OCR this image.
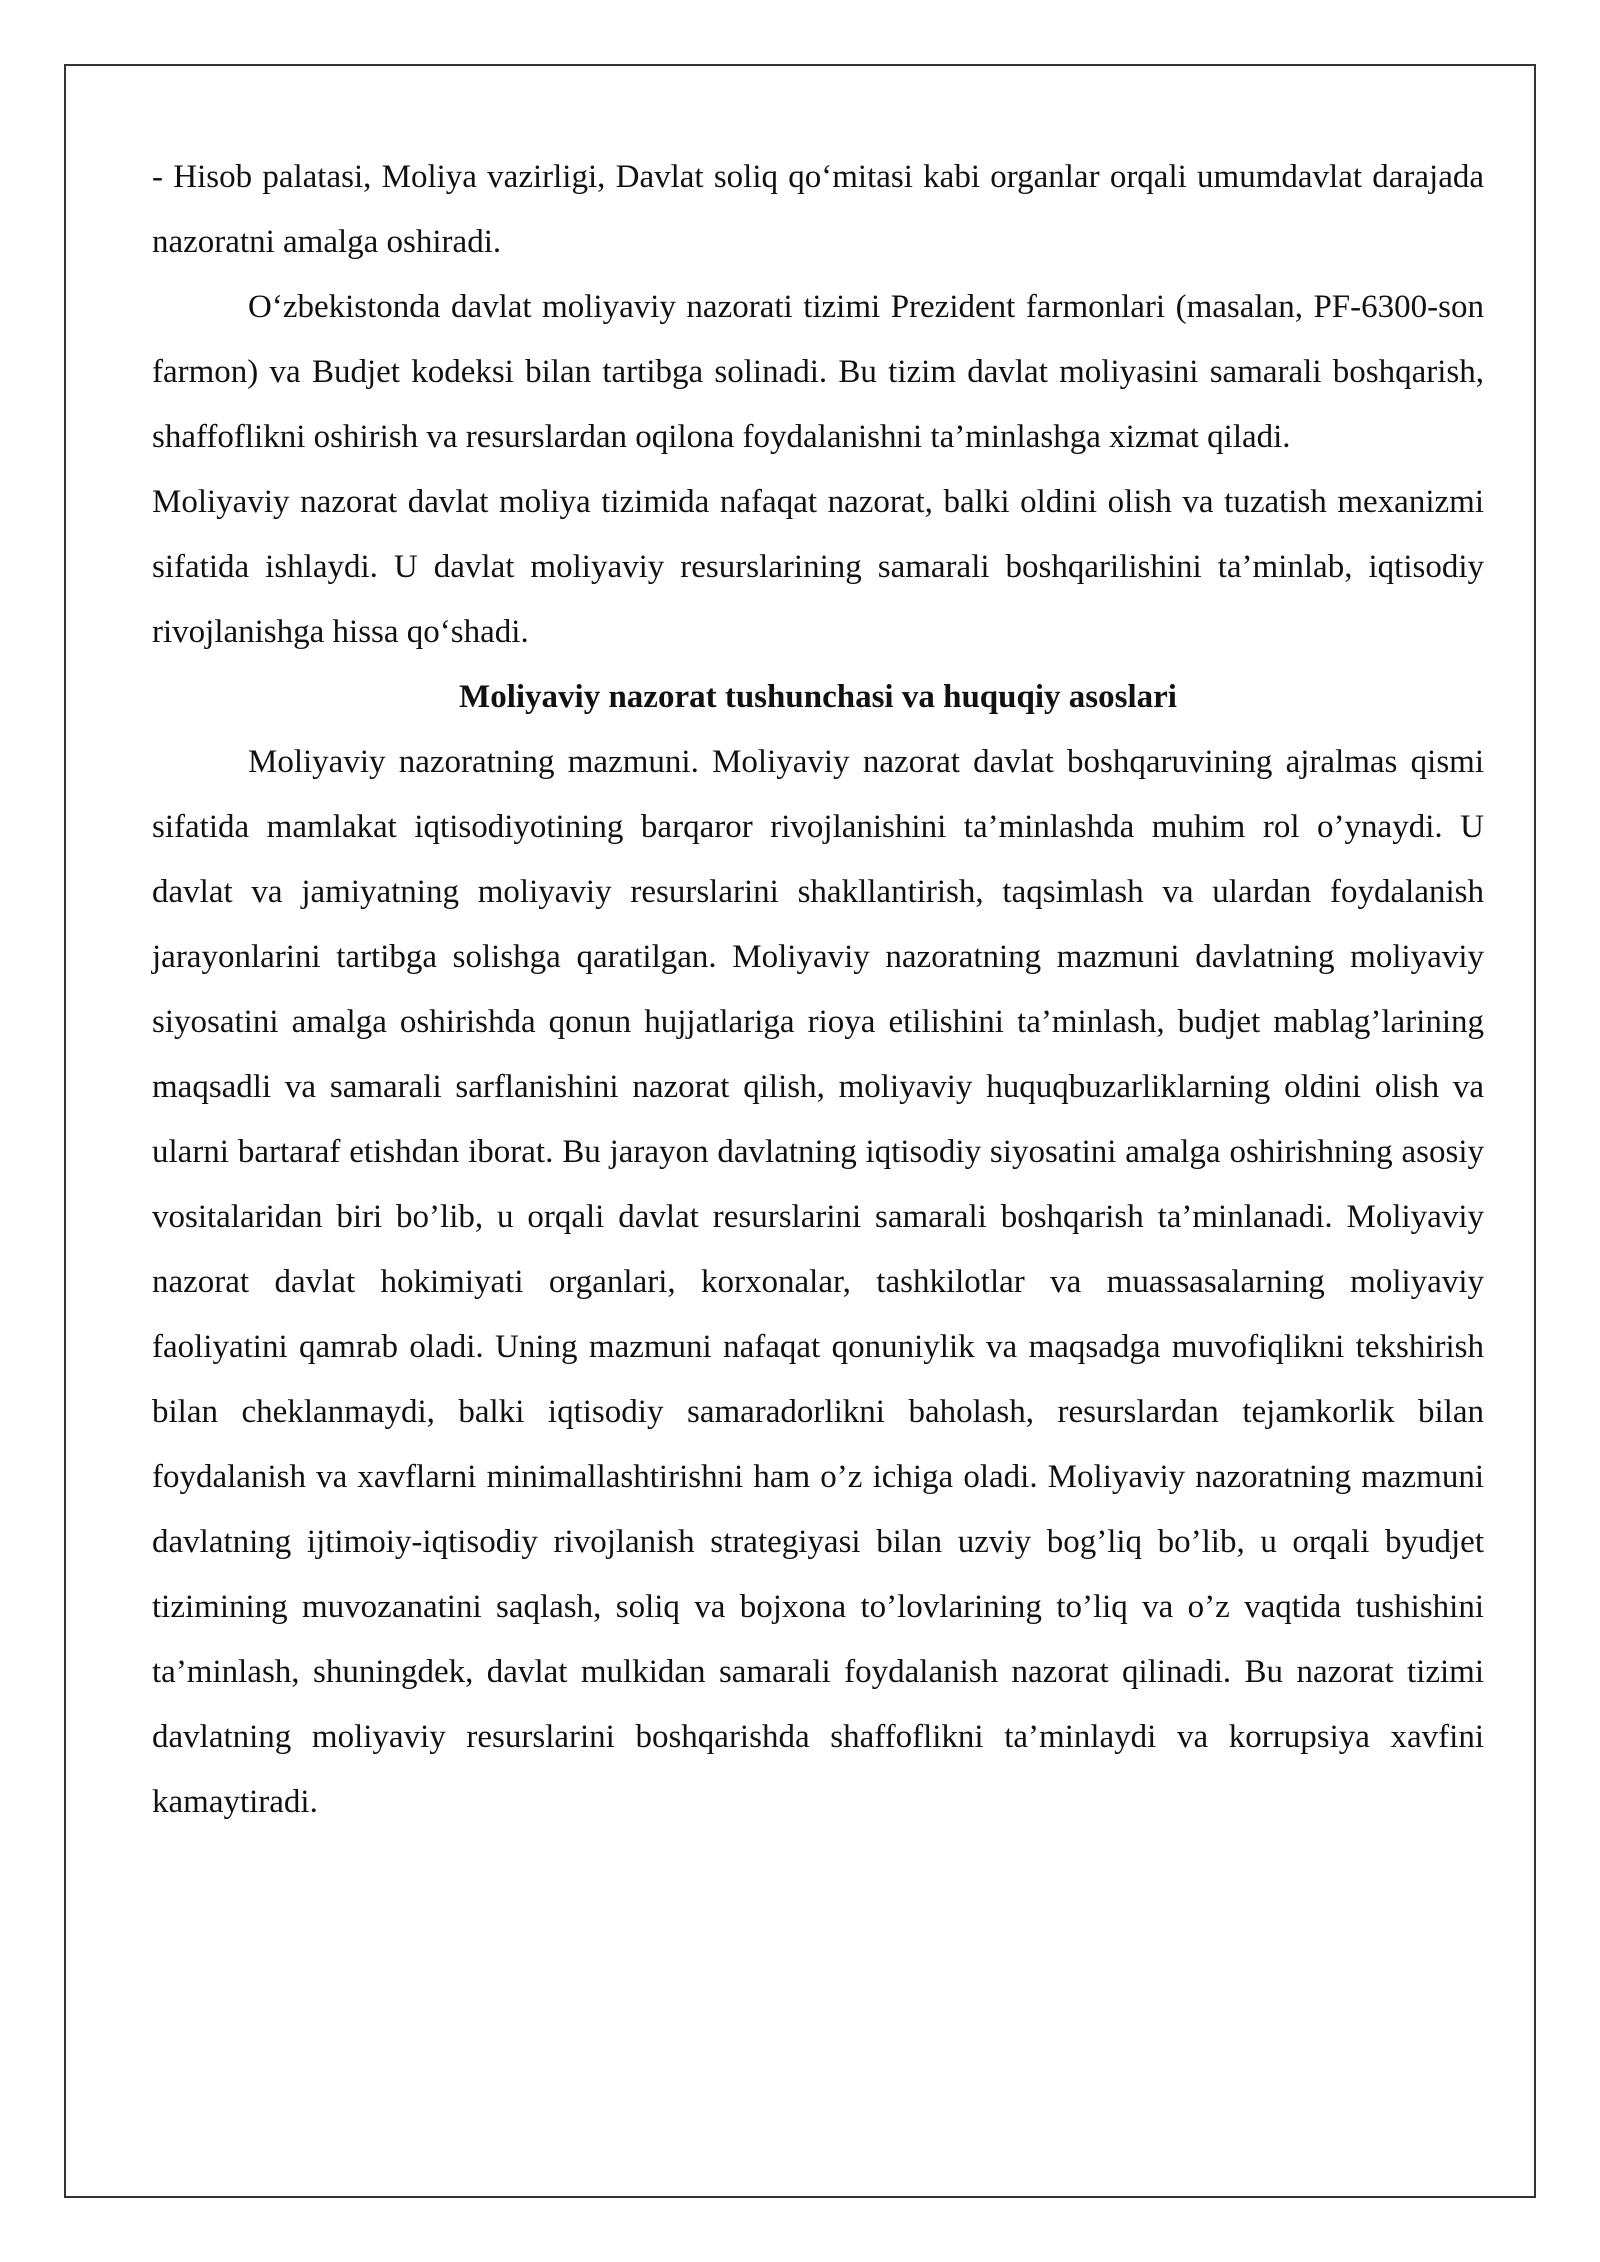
- Hisob palatasi, Moliya vazirligi, Davlat soliq qo‘mitasi kabi organlar orqali umumdavlat darajada nazoratni amalga oshiradi.

O‘zbekistonda davlat moliyaviy nazorati tizimi Prezident farmonlari (masalan, PF-6300-son farmon) va Budjet kodeksi bilan tartibga solinadi. Bu tizim davlat moliyasini samarali boshqarish, shaffoflikni oshirish va resurslardan oqilona foydalanishni ta’minlashga xizmat qiladi.

Moliyaviy nazorat davlat moliya tizimida nafaqat nazorat, balki oldini olish va tuzatish mexanizmi sifatida ishlaydi. U davlat moliyaviy resurslarining samarali boshqarilishini ta’minlab, iqtisodiy rivojlanishga hissa qo‘shadi.

Moliyaviy nazorat tushunchasi va huquqiy asoslari

Moliyaviy nazoratning mazmuni. Moliyaviy nazorat davlat boshqaruvining ajralmas qismi sifatida mamlakat iqtisodiyotining barqaror rivojlanishini ta’minlashda muhim rol o’ynaydi. U davlat va jamiyatning moliyaviy resurslarini shakllantirish, taqsimlash va ulardan foydalanish jarayonlarini tartibga solishga qaratilgan. Moliyaviy nazoratning mazmuni davlatning moliyaviy siyosatini amalga oshirishda qonun hujjatlariga rioya etilishini ta’minlash, budjet mablag’larining maqsadli va samarali sarflanishini nazorat qilish, moliyaviy huquqbuzarliklarning oldini olish va ularni bartaraf etishdan iborat. Bu jarayon davlatning iqtisodiy siyosatini amalga oshirishning asosiy vositalaridan biri bo’lib, u orqali davlat resurslarini samarali boshqarish ta’minlanadi. Moliyaviy nazorat davlat hokimiyati organlari, korxonalar, tashkilotlar va muassasalarning moliyaviy faoliyatini qamrab oladi. Uning mazmuni nafaqat qonuniylik va maqsadga muvofiqlikni tekshirish bilan cheklanmaydi, balki iqtisodiy samaradorlikni baholash, resurslardan tejamkorlik bilan foydalanish va xavflarni minimallashtirishni ham o’z ichiga oladi. Moliyaviy nazoratning mazmuni davlatning ijtimoiy-iqtisodiy rivojlanish strategiyasi bilan uzviy bog’liq bo’lib, u orqali byudjet tizimining muvozanatini saqlash, soliq va bojxona to’lovlarining to’liq va o’z vaqtida tushishini ta’minlash, shuningdek, davlat mulkidan samarali foydalanish nazorat qilinadi. Bu nazorat tizimi davlatning moliyaviy resurslarini boshqarishda shaffoflikni ta’minlaydi va korrupsiya xavfini kamaytiradi.
